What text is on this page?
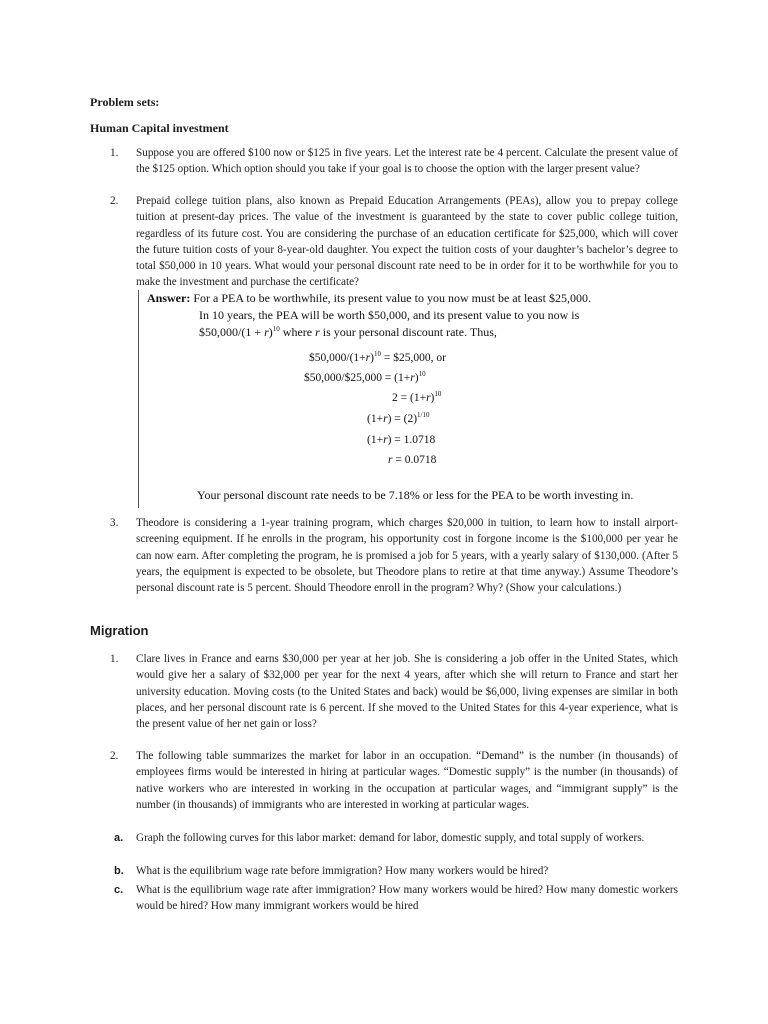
Problem sets:
Human Capital investment
1. Suppose you are offered $100 now or $125 in five years. Let the interest rate be 4 percent. Calculate the present value of the $125 option. Which option should you take if your goal is to choose the option with the larger present value?
2. Prepaid college tuition plans, also known as Prepaid Education Arrangements (PEAs), allow you to prepay college tuition at present-day prices. The value of the investment is guaranteed by the state to cover public college tuition, regardless of its future cost. You are considering the purchase of an education certificate for $25,000, which will cover the future tuition costs of your 8-year-old daughter. You expect the tuition costs of your daughter’s bachelor’s degree to total $50,000 in 10 years. What would your personal discount rate need to be in order for it to be worthwhile for you to make the investment and purchase the certificate?
Answer: For a PEA to be worthwhile, its present value to you now must be at least $25,000.
In 10 years, the PEA will be worth $50,000, and its present value to you now is
$50,000/(1 + r)$^{10}$ where r is your personal discount rate. Thus,
$\$50,000/(1+r)^{10}$ = $25,000, or
$50,000/$25,000 = $(1+r)^{10}$
$2 = (1+r)^{10}$
$(1+r) = (2)^{1/10}$
(1+r) = 1.0718
r = 0.0718
Your personal discount rate needs to be 7.18% or less for the PEA to be worth investing in.
3. Theodore is considering a 1-year training program, which charges $20,000 in tuition, to learn how to install airport-screening equipment. If he enrolls in the program, his opportunity cost in forgone income is the $100,000 per year he can now earn. After completing the program, he is promised a job for 5 years, with a yearly salary of $130,000. (After 5 years, the equipment is expected to be obsolete, but Theodore plans to retire at that time anyway.) Assume Theodore’s personal discount rate is 5 percent. Should Theodore enroll in the program? Why? (Show your calculations.)
Migration
1. Clare lives in France and earns $30,000 per year at her job. She is considering a job offer in the United States, which would give her a salary of $32,000 per year for the next 4 years, after which she will return to France and start her university education. Moving costs (to the United States and back) would be $6,000, living expenses are similar in both places, and her personal discount rate is 6 percent. If she moved to the United States for this 4-year experience, what is the present value of her net gain or loss?
2. The following table summarizes the market for labor in an occupation. “Demand” is the number (in thousands) of employees firms would be interested in hiring at particular wages. “Domestic supply” is the number (in thousands) of native workers who are interested in working in the occupation at particular wages, and “immigrant supply” is the number (in thousands) of immigrants who are interested in working at particular wages.
a. Graph the following curves for this labor market: demand for labor, domestic supply, and total supply of workers.
b. What is the equilibrium wage rate before immigration? How many workers would be hired?
c. What is the equilibrium wage rate after immigration? How many workers would be hired? How many domestic workers would be hired? How many immigrant workers would be hired
